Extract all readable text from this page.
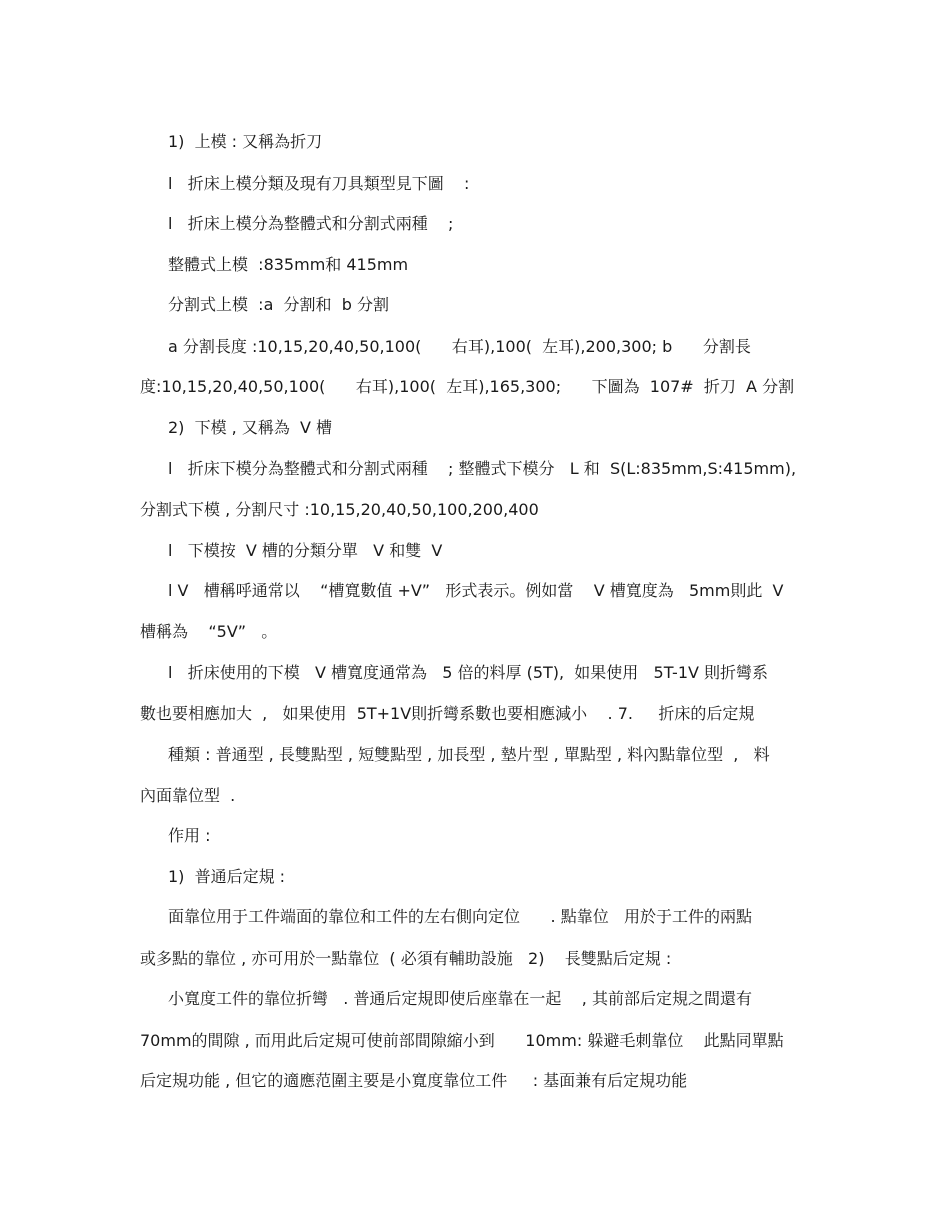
1)  上模 : 又稱為折刀
l   折床上模分類及現有刀具類型見下圖    :
l   折床上模分為整體式和分割式兩種    ;
整體式上模  :835mm和 415mm
分割式上模  :a  分割和  b 分割
a 分割長度 :10,15,20,40,50,100(      右耳),100(  左耳),200,300; b      分割長
度:10,15,20,40,50,100(      右耳),100(  左耳),165,300;      下圖為  107#  折刀  A 分割
2)  下模 , 又稱為  V 槽
l   折床下模分為整體式和分割式兩種    ; 整體式下模分   L 和  S(L:835mm,S:415mm),
分割式下模 , 分割尺寸 :10,15,20,40,50,100,200,400
l   下模按  V 槽的分類分單   V 和雙  V
l V   槽稱呼通常以    “槽寬數值 +V”   形式表示。例如當    V 槽寬度為   5mm則此  V
槽稱為    “5V”   。
l   折床使用的下模   V 槽寬度通常為   5 倍的料厚 (5T),  如果使用   5T-1V 則折彎系
數也要相應加大  ,   如果使用  5T+1V則折彎系數也要相應減小    . 7.     折床的后定規
種類 : 普通型 , 長雙點型 , 短雙點型 , 加長型 , 墊片型 , 單點型 , 料內點靠位型  ,   料
內面靠位型  .
作用 :
1)  普通后定規 :
面靠位用于工件端面的靠位和工件的左右側向定位      . 點靠位   用於于工件的兩點
或多點的靠位 , 亦可用於一點靠位  ( 必須有輔助設施   2)    長雙點后定規 :
小寬度工件的靠位折彎   . 普通后定規即使后座靠在一起    , 其前部后定規之間還有
70mm的間隙 , 而用此后定規可使前部間隙縮小到      10mm: 躲避毛刺靠位    此點同單點
后定規功能 , 但它的適應范圍主要是小寬度靠位工件     : 基面兼有后定規功能
